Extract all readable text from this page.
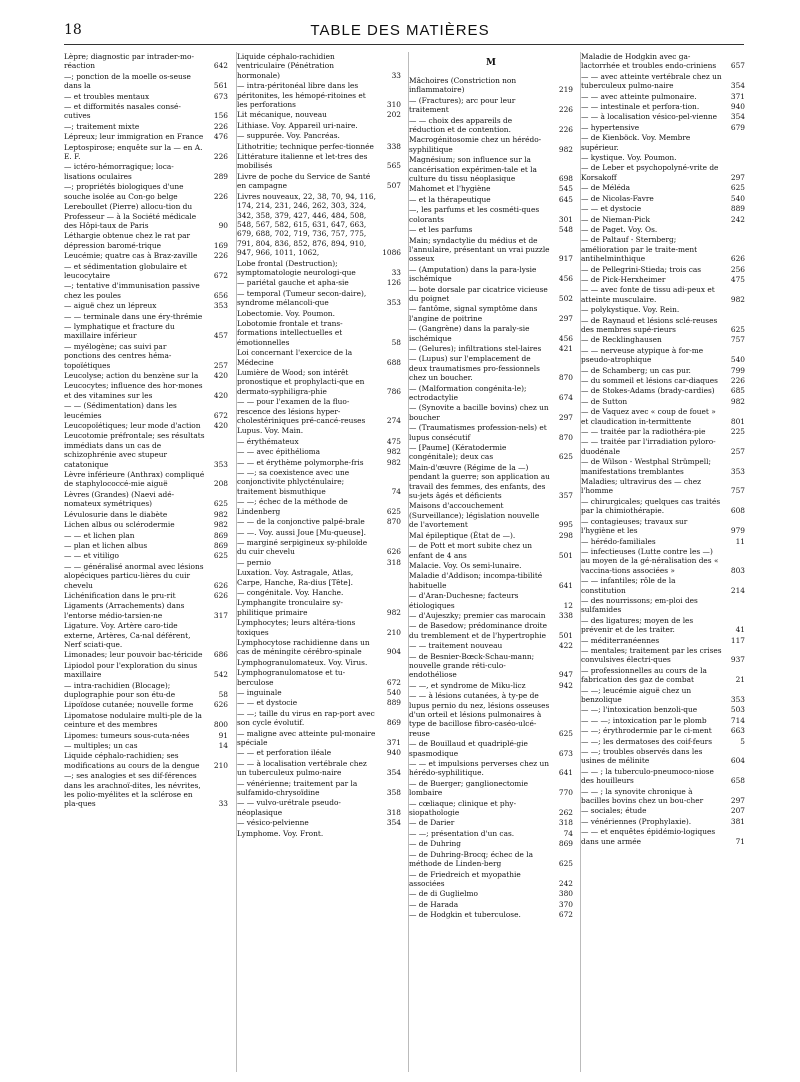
18	TABLE DES MATIÈRES
Lèpre; diagnostic par intrader-mo-réaction	642
—; ponction de la moelle os-seuse dans la	561
— et troubles mentaux	673
— et difformités nasales consé-cutives	156
—; traitement mixte	226
Lépreux; leur immigration en France	476
Leptospirose; enquête sur la — en A. E. F.	226
— ictéro-hémorragique; loca-lisations oculaires	289
—; propriétés biologiques d'une souche isolée au Con-go belge	226
Lereboullet (Pierre) allocu-tion du Professeur — à la Société médicale des Hôpi-taux de Paris	90
Léthargie obtenue chez le rat par dépression baromé-trique	169
Leucémie; quatre cas à Braz-zaville	226
— et sédimentation globulaire et leucocytaire	672
—; tentative d'immunisation passive chez les poules	656
— aiguë chez un lépreux	353
— — terminale dans une éry-thrémie
— lymphatique et fracture du maxillaire inférieur	457
— myélogène; cas suivi par ponctions des centres héma-topoïétiques	257
Leucolyse; action du benzène sur la	420
Leucocytes; influence des hor-mones et des vitamines sur les	420
— — (Sédimentation) dans les leucémies	672
Leucopoïétiques; leur mode d'action	420
Leucotomie préfrontale; ses résultats immédiats dans un cas de schizophrénie avec stupeur catatonique	353
Lèvre inférieure (Anthrax) compliqué de staphylococcé-mie aiguë	208
Lèvres (Grandes) (Naevi adé-nomateux symétriques)	625
Lévulosurie dans le diabète	982
Lichen albus ou sclérodermie	982
— — et lichen plan	869
— plan et lichen albus	869
— — et vitiligo	625
— — généralisé anormal avec lésions alopéciques particu-lières du cuir chevelu	626
Lichénification dans le pru-rit	626
Ligaments (Arrachements) dans l'entorse médio-tarsien-ne	317
Ligature. Voy. Artère caro-tide externe, Artères, Ca-nal déférent, Nerf sciati-que.
Limonades; leur pouvoir bac-téricide	686
Lipiodol pour l'exploration du sinus maxillaire	542
— intra-rachidien (Blocage); duplographie pour son étu-de	58
Lipoïdose cutanée; nouvelle forme	626
Lipomatose nodulaire multi-ple de la ceinture et des membres	800
Lipomes: tumeurs sous-cuta-nées	91
— multiples; un cas	14
Liquide céphalo-rachidien; ses modifications au cours de la dengue	210
—; ses analogies et ses dif-férences dans les arachnoï-dites, les névrites, les polio-myélites et la sclérose en pla-ques	33
Liquide céphalo-rachidien ventriculaire (Pénétration hormonale)	33
— intra-péritonéal libre dans les péritonites, les hémopé-ritoines et les perforations	310
Lit mécanique, nouveau	202
Lithiase. Voy. Appareil uri-naire.
— suppurée. Voy. Pancréas.
Lithotritie; technique perfec-tionnée	338
Littérature italienne et let-tres des mobilisés	565
Livre de poche du Service de Santé en campagne	507
Livres nouveaux, 22, 38, 70, 94, 116, 174, 214, 231, 246, 262, 303, 324, 342, 358, 379, 427, 446, 484, 508, 548, 567, 582, 615, 631, 647, 663, 679, 688, 702, 719, 736, 757, 775, 791, 804, 836, 852, 876, 894, 910, 947, 966, 1011, 1062,	1086
Lobe frontal (Destruction); symptomatologie neurologi-que	33
— pariétal gauche et apha-sie	126
— temporal (Tumeur secon-daire), syndrome mélancoli-que	353
Lobectomie. Voy. Poumon.
Lobotomie frontale et trans-formations intellectuelles et émotionnelles	58
Loi concernant l'exercice de la Médecine	688
Lumière de Wood; son intérêt pronostique et prophylacti-que en dermato-syphiligra-phie	786
— — pour l'examen de la fluo-rescence des lésions hyper-cholestériniques pré-cancé-reuses	274
Lupus. Voy. Main.
— érythémateux	475
— — avec épithélioma	982
— — et érythème polymorphe-fris	982
— —; sa coexistence avec une conjonctivite phlycténulaire; traitement bismuthique	74
— —; échec de la méthode de Lindenberg	625
— — de la conjonctive palpé-brale	870
— —. Voy. aussi Joue [Mu-queuse].
— marginé serpigineux sy-philoïde du cuir chevelu	626
— pernio	318
Luxation. Voy. Astragale, Atlas, Carpe, Hanche, Ra-dius [Tête].
— congénitale. Voy. Hanche.
Lymphangite tronculaire sy-philitique primaire	982
Lymphocytes; leurs altéra-tions toxiques	210
Lymphocytose rachidienne dans un cas de méningite cérébro-spinale	904
Lymphogranulomateux. Voy. Virus.
Lymphogranulomatose et tu-berculose	672
— inguinale	540
— — et dystocie	889
— —; taille du virus en rap-port avec son cycle évolutif.	869
— maligne avec atteinte pul-monaire spéciale	371
— — et perforation iléale	940
— — à localisation vertébrale chez un tuberculeux pulmo-naire	354
— vénérienne; traitement par la sulfamido-chrysoïdine	358
— — vulvo-urétrale pseudo-néoplasique	318
— vésico-pelvienne	354
Lymphome. Voy. Front.
M
Mâchoires (Constriction non inflammatoire)	219
— (Fractures); arc pour leur traitement	226
— — choix des appareils de réduction et de contention.	226
Macrogénitosomie chez un hérédo-syphilitique	982
Magnésium; son influence sur la cancérisation expérimen-tale et la culture du tissu néoplasique	698
Mahomet et l'hygiène	545
— et la thérapeutique	645
—, les parfums et les cosméti-ques colorants	301
— et les parfums	548
Main; syndactylie du médius et de l'annulaire, présentant un vrai puzzle osseux	917
— (Amputation) dans la para-lysie ischémique	456
— bote dorsale par cicatrice vicieuse du poignet	502
— fantôme, signal symptôme dans l'angine de poitrine	297
— (Gangrène) dans la paraly-sie ischémique	456
— (Gelures); infiltrations stel-laires	421
— (Lupus) sur l'emplacement de deux traumatismes pro-fessionnels chez un boucher.	870
— (Malformation congénita-le); ectrodactylie	674
— (Synovite a bacille bovins) chez un boucher	297
— (Traumatismes profession-nels) et lupus consécutif	870
— [Paume] (Kératodermie congénitale); deux cas	625
Main-d'œuvre (Régime de la —) pendant la guerre; son application au travail des femmes, des enfants, des su-jets âgés et déficients	357
Maisons d'accouchement (Surveillance); législation nouvelle de l'avortement	995
Mal épileptique (État de —).	298
— de Pott et mort subite chez un enfant de 4 ans	501
Malacie. Voy. Os semi-lunaire.
Maladie d'Addison; incompa-tibilité habituelle	641
— d'Aran-Duchesne; facteurs étiologiques	12
— d'Aujeszky; premier cas marocain	338
— de Basedow; prédominance droite du tremblement et de l'hypertrophie	501
— — traitement nouveau	422
— de Besnier-Bœck-Schau-mann; nouvelle grande réti-culo-endothéliose	947
— —, et syndrome de Miku-licz	942
— — à lésions cutanées, à ty-pe de lupus pernio du nez, lésions osseuses d'un orteil et lésions pulmonaires à type de bacillose fibro-caséo-ulcé-reuse	625
— de Bouillaud et quadriplé-gie spasmodique	673
— — et impulsions perverses chez un hérédo-syphilitique.	641
— de Buerger; ganglionectomie lombaire	770
— cœliaque; clinique et phy-siopathologie	262
— de Darier	318
— —; présentation d'un cas.	74
— de Duhring	869
— de Duhring-Brocq; échec de la méthode de Linden-berg	625
— de Friedreich et myopathie associées	242
— de di Guglielmo	380
— de Harada	370
— de Hodgkin et tuberculose.	672
Maladie de Hodgkin avec ga-lactorrhée et troubles endo-criniens	657
— — avec atteinte vertébrale chez un tuberculeux pulmo-naire	354
— — avec atteinte pulmonaire.	371
— — intestinale et perfora-tion.	940
— — à localisation vésico-pel-vienne	354
— hypertensive	679
— de Kienböck. Voy. Membre supérieur.
— kystique. Voy. Poumon.
— de Leber et psychopolyné-vrite de Korsakoff	297
— de Méléda	625
— de Nicolas-Favre	540
— — et dystocie	889
— de Nieman-Pick	242
— de Paget. Voy. Os.
— de Paltauf - Sternberg; amélioration par le traite-ment antihelminthique	626
— de Pellegrini-Stieda; trois cas	256
— de Pick-Herxheimer	475
— — avec fonte de tissu adi-peux et atteinte musculaire.	982
— polykystique. Voy. Rein.
— de Raynaud et lésions sclé-reuses des membres supé-rieurs	625
— de Recklinghausen	757
— — nerveuse atypique à for-me pseudo-atrophique	540
— de Schamberg; un cas pur.	799
— du sommeil et lésions car-diaques	226
— de Stokes-Adams (brady-cardies)	685
— de Sutton	982
— de Vaquez avec « coup de fouet » et claudication in-termittente	801
— — traitée par la radiothéra-pie	225
— — traitée par l'irradiation pyloro-duodénale	257
— de Wilson - Westphal Strümpell; manifestations tremblantes	353
Maladies; ultravirus des — chez l'homme	757
— chirurgicales; quelques cas traités par la chimiothérapie.	608
— contagieuses; travaux sur l'hygiène et les	979
— hérédo-familiales	11
— infectieuses (Lutte contre les —) au moyen de la gé-néralisation des « vaccina-tions associées »	803
— — infantiles; rôle de la constitution	214
— des nourrissons; em-ploi des sulfamides
— des ligatures; moyen de les prévenir et de les traiter.	41
— méditerranéennes	117
— mentales; traitement par les crises convulsives électri-ques	937
— professionnelles au cours de la fabrication des gaz de combat	21
— —; leucémie aiguë chez un benzolique	353
— —; l'intoxication benzoli-que	503
— — —; intoxication par le plomb	714
— —; érythrodermie par le ci-ment	663
— —; les dermatoses des coif-feurs	5
— —; troubles observés dans les usines de mélinite	604
— — ; la tuberculo-pneumoco-niose des houilleurs	658
— — ; la synovite chronique à bacilles bovins chez un bou-cher	297
— sociales; étude	207
— vénériennes (Prophylaxie).	381
— — et enquêtes épidémio-logiques dans une armée	71
